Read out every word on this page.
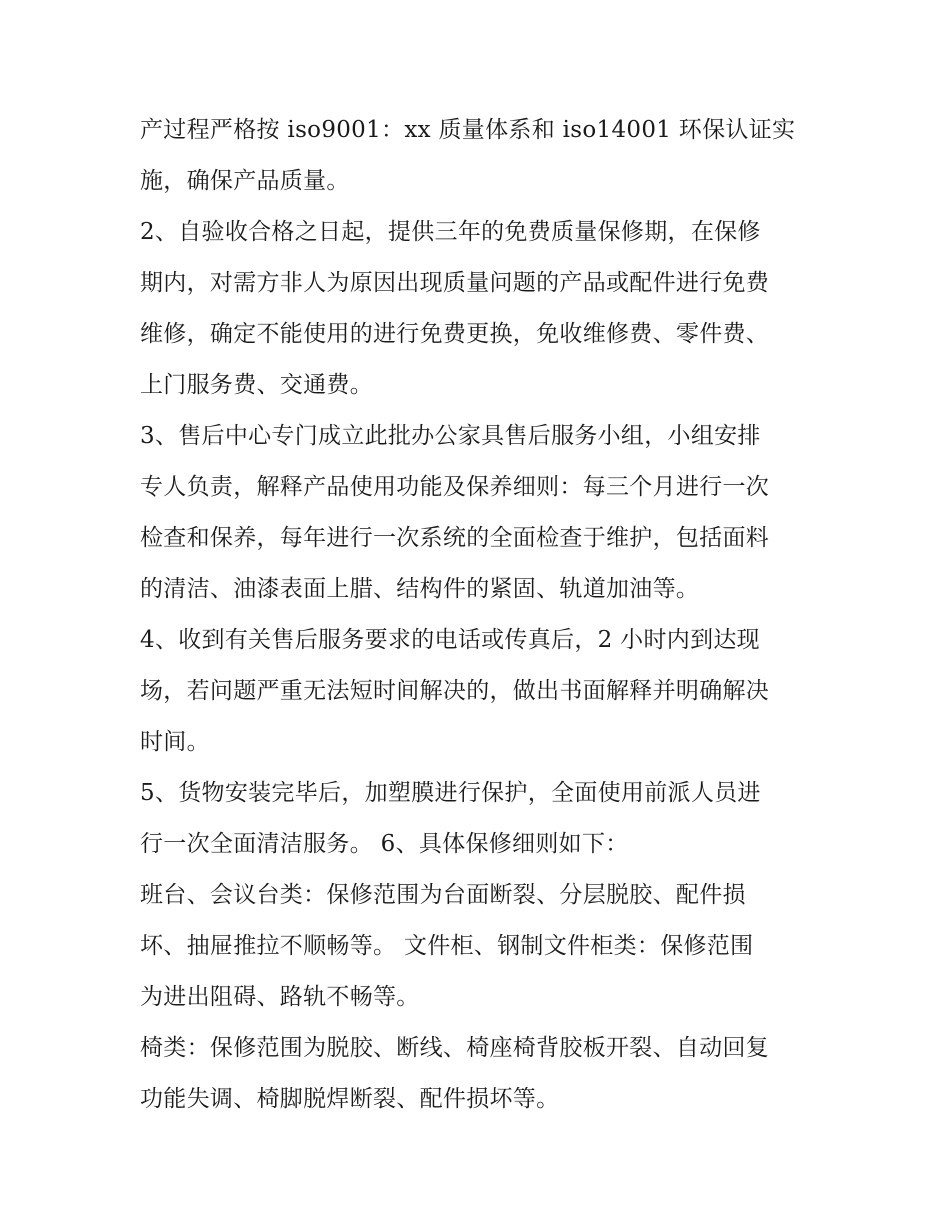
产过程严格按 iso9001：xx 质量体系和 iso14001 环保认证实
施，确保产品质量。
2、自验收合格之日起，提供三年的免费质量保修期，在保修
期内，对需方非人为原因出现质量问题的产品或配件进行免费
维修，确定不能使用的进行免费更换，免收维修费、零件费、
上门服务费、交通费。
3、售后中心专门成立此批办公家具售后服务小组，小组安排
专人负责，解释产品使用功能及保养细则：每三个月进行一次
检查和保养，每年进行一次系统的全面检查于维护，包括面料
的清洁、油漆表面上腊、结构件的紧固、轨道加油等。
4、收到有关售后服务要求的电话或传真后，2 小时内到达现
场，若问题严重无法短时间解决的，做出书面解释并明确解决
时间。
5、货物安装完毕后，加塑膜进行保护，全面使用前派人员进
行一次全面清洁服务。 6、具体保修细则如下：
班台、会议台类：保修范围为台面断裂、分层脱胶、配件损
坏、抽屉推拉不顺畅等。 文件柜、钢制文件柜类：保修范围
为进出阻碍、路轨不畅等。
椅类：保修范围为脱胶、断线、椅座椅背胶板开裂、自动回复
功能失调、椅脚脱焊断裂、配件损坏等。
